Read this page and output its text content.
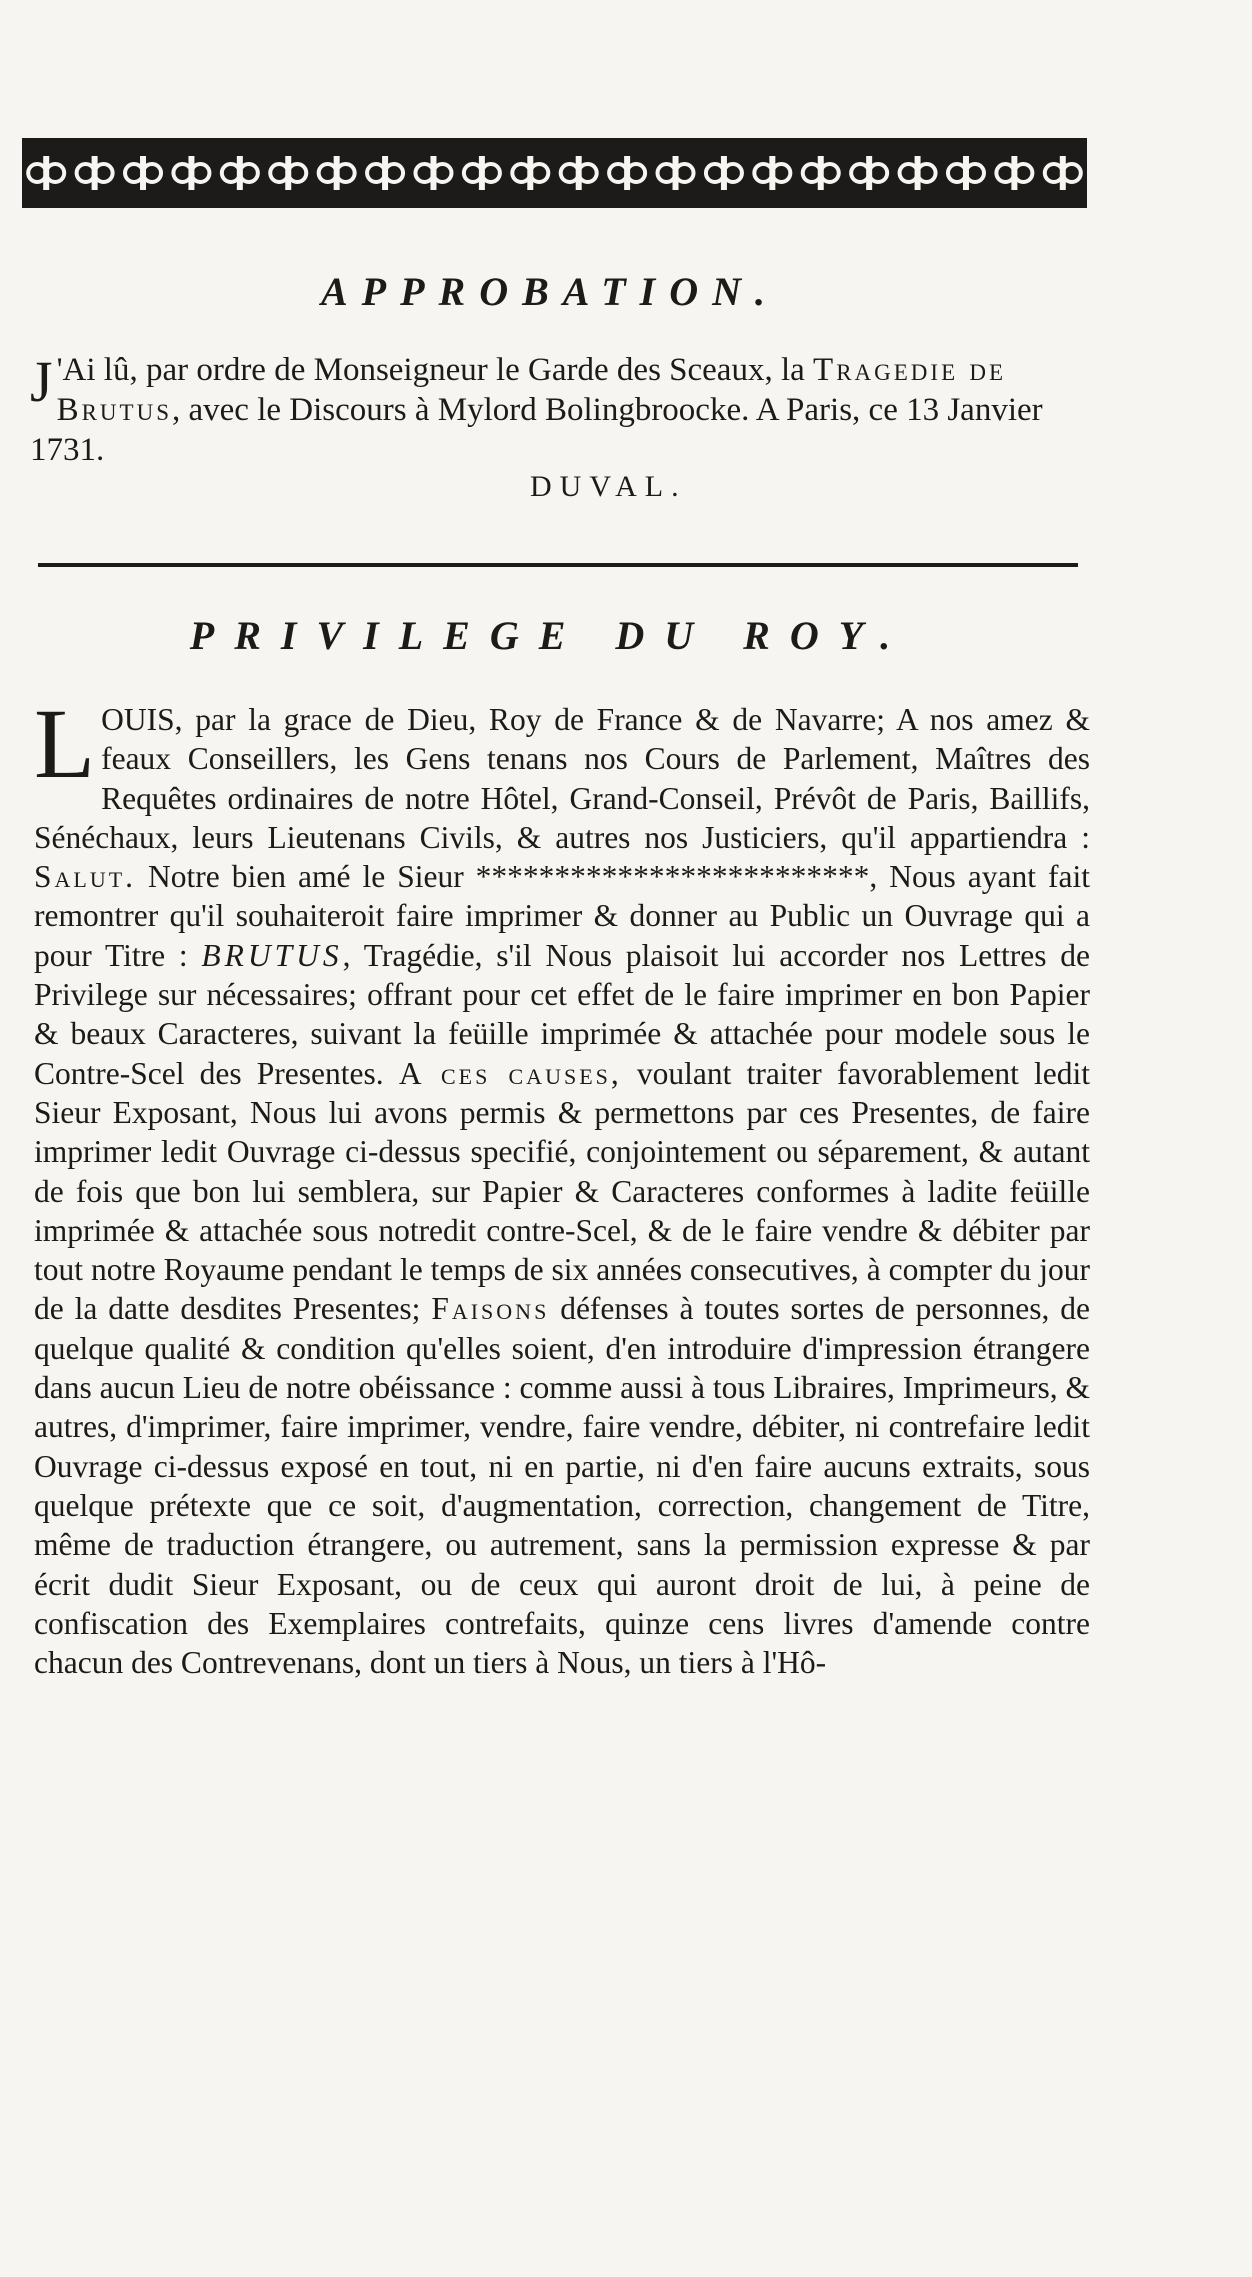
APPROBATION.
J 'Ai lû, par ordre de Monseigneur le Garde des Sceaux, la Tragedie de Brutus, avec le Discours à Mylord Bolingbroocke. A Paris, ce 13 Janvier 1731.
DUVAL.
PRIVILEGE DU ROY.
LOUIS, par la grace de Dieu, Roy de France & de Navarre; A nos amez & feaux Conseillers, les Gens tenans nos Cours de Parlement, Maîtres des Requêtes ordinaires de notre Hôtel, Grand-Conseil, Prévôt de Paris, Baillifs, Sénéchaux, leurs Lieutenans Civils, & autres nos Justiciers, qu'il appartiendra : Salut. Notre bien amé le Sieur *************************, Nous ayant fait remontrer qu'il souhaiteroit faire imprimer & donner au Public un Ouvrage qui a pour Titre : BRUTUS, Tragédie, s'il Nous plaisoit lui accorder nos Lettres de Privilege sur nécessaires; offrant pour cet effet de le faire imprimer en bon Papier & beaux Caracteres, suivant la feüille imprimée & attachée pour modele sous le Contre-Scel des Presentes. A ces causes, voulant traiter favorablement ledit Sieur Exposant, Nous lui avons permis & permettons par ces Presentes, de faire imprimer ledit Ouvrage ci-dessus specifié, conjointement ou séparement, & autant de fois que bon lui semblera, sur Papier & Caracteres conformes à ladite feüille imprimée & attachée sous notredit contre-Scel, & de le faire vendre & débiter par tout notre Royaume pendant le temps de six années consecutives, à compter du jour de la datte desdites Presentes; Faisons défenses à toutes sortes de personnes, de quelque qualité & condition qu'elles soient, d'en introduire d'impression étrangere dans aucun Lieu de notre obéissance : comme aussi à tous Libraires, Imprimeurs, & autres, d'imprimer, faire imprimer, vendre, faire vendre, débiter, ni contrefaire ledit Ouvrage ci-dessus exposé en tout, ni en partie, ni d'en faire aucuns extraits, sous quelque prétexte que ce soit, d'augmentation, correction, changement de Titre, même de traduction étrangere, ou autrement, sans la permission expresse & par écrit dudit Sieur Exposant, ou de ceux qui auront droit de lui, à peine de confiscation des Exemplaires contrefaits, quinze cens livres d'amende contre chacun des Contrevenans, dont un tiers à Nous, un tiers à l'Hô-
